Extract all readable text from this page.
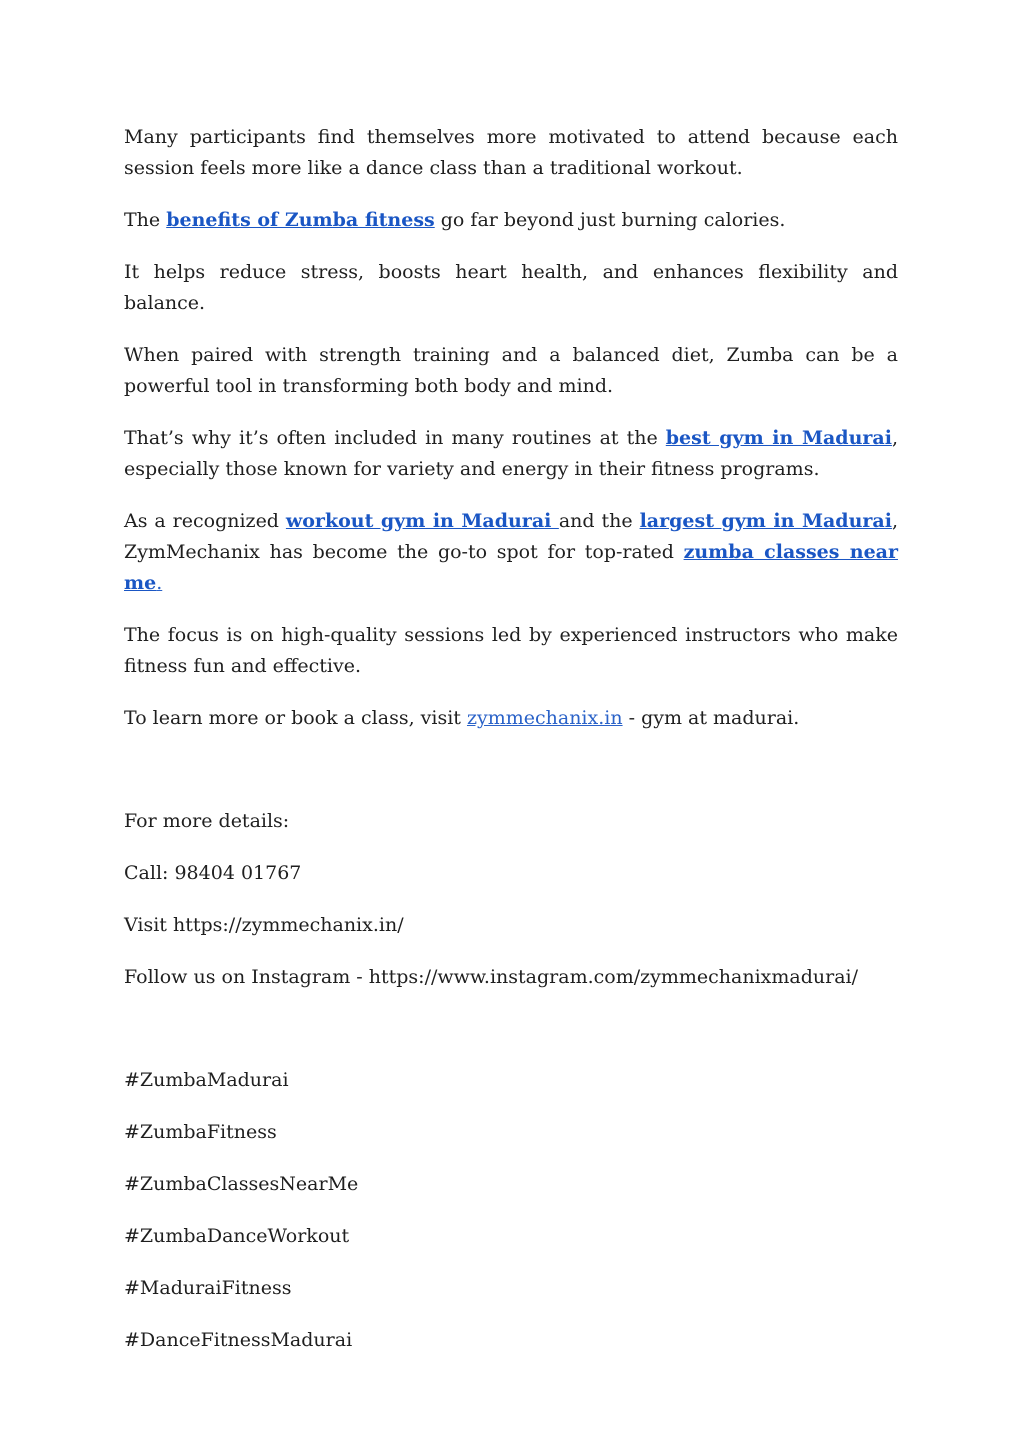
Many participants find themselves more motivated to attend because each session feels more like a dance class than a traditional workout.

The benefits of Zumba fitness go far beyond just burning calories.

It helps reduce stress, boosts heart health, and enhances flexibility and balance.

When paired with strength training and a balanced diet, Zumba can be a powerful tool in transforming both body and mind.

That’s why it’s often included in many routines at the best gym in Madurai, especially those known for variety and energy in their fitness programs.

As a recognized workout gym in Madurai and the largest gym in Madurai, ZymMechanix has become the go-to spot for top-rated zumba classes near me.

The focus is on high-quality sessions led by experienced instructors who make fitness fun and effective.

To learn more or book a class, visit zymmechanix.in - gym at madurai.

For more details:

Call: 98404 01767

Visit https://zymmechanix.in/

Follow us on Instagram - https://www.instagram.com/zymmechanixmadurai/

#ZumbaMadurai

#ZumbaFitness

#ZumbaClassesNearMe

#ZumbaDanceWorkout

#MaduraiFitness

#DanceFitnessMadurai
